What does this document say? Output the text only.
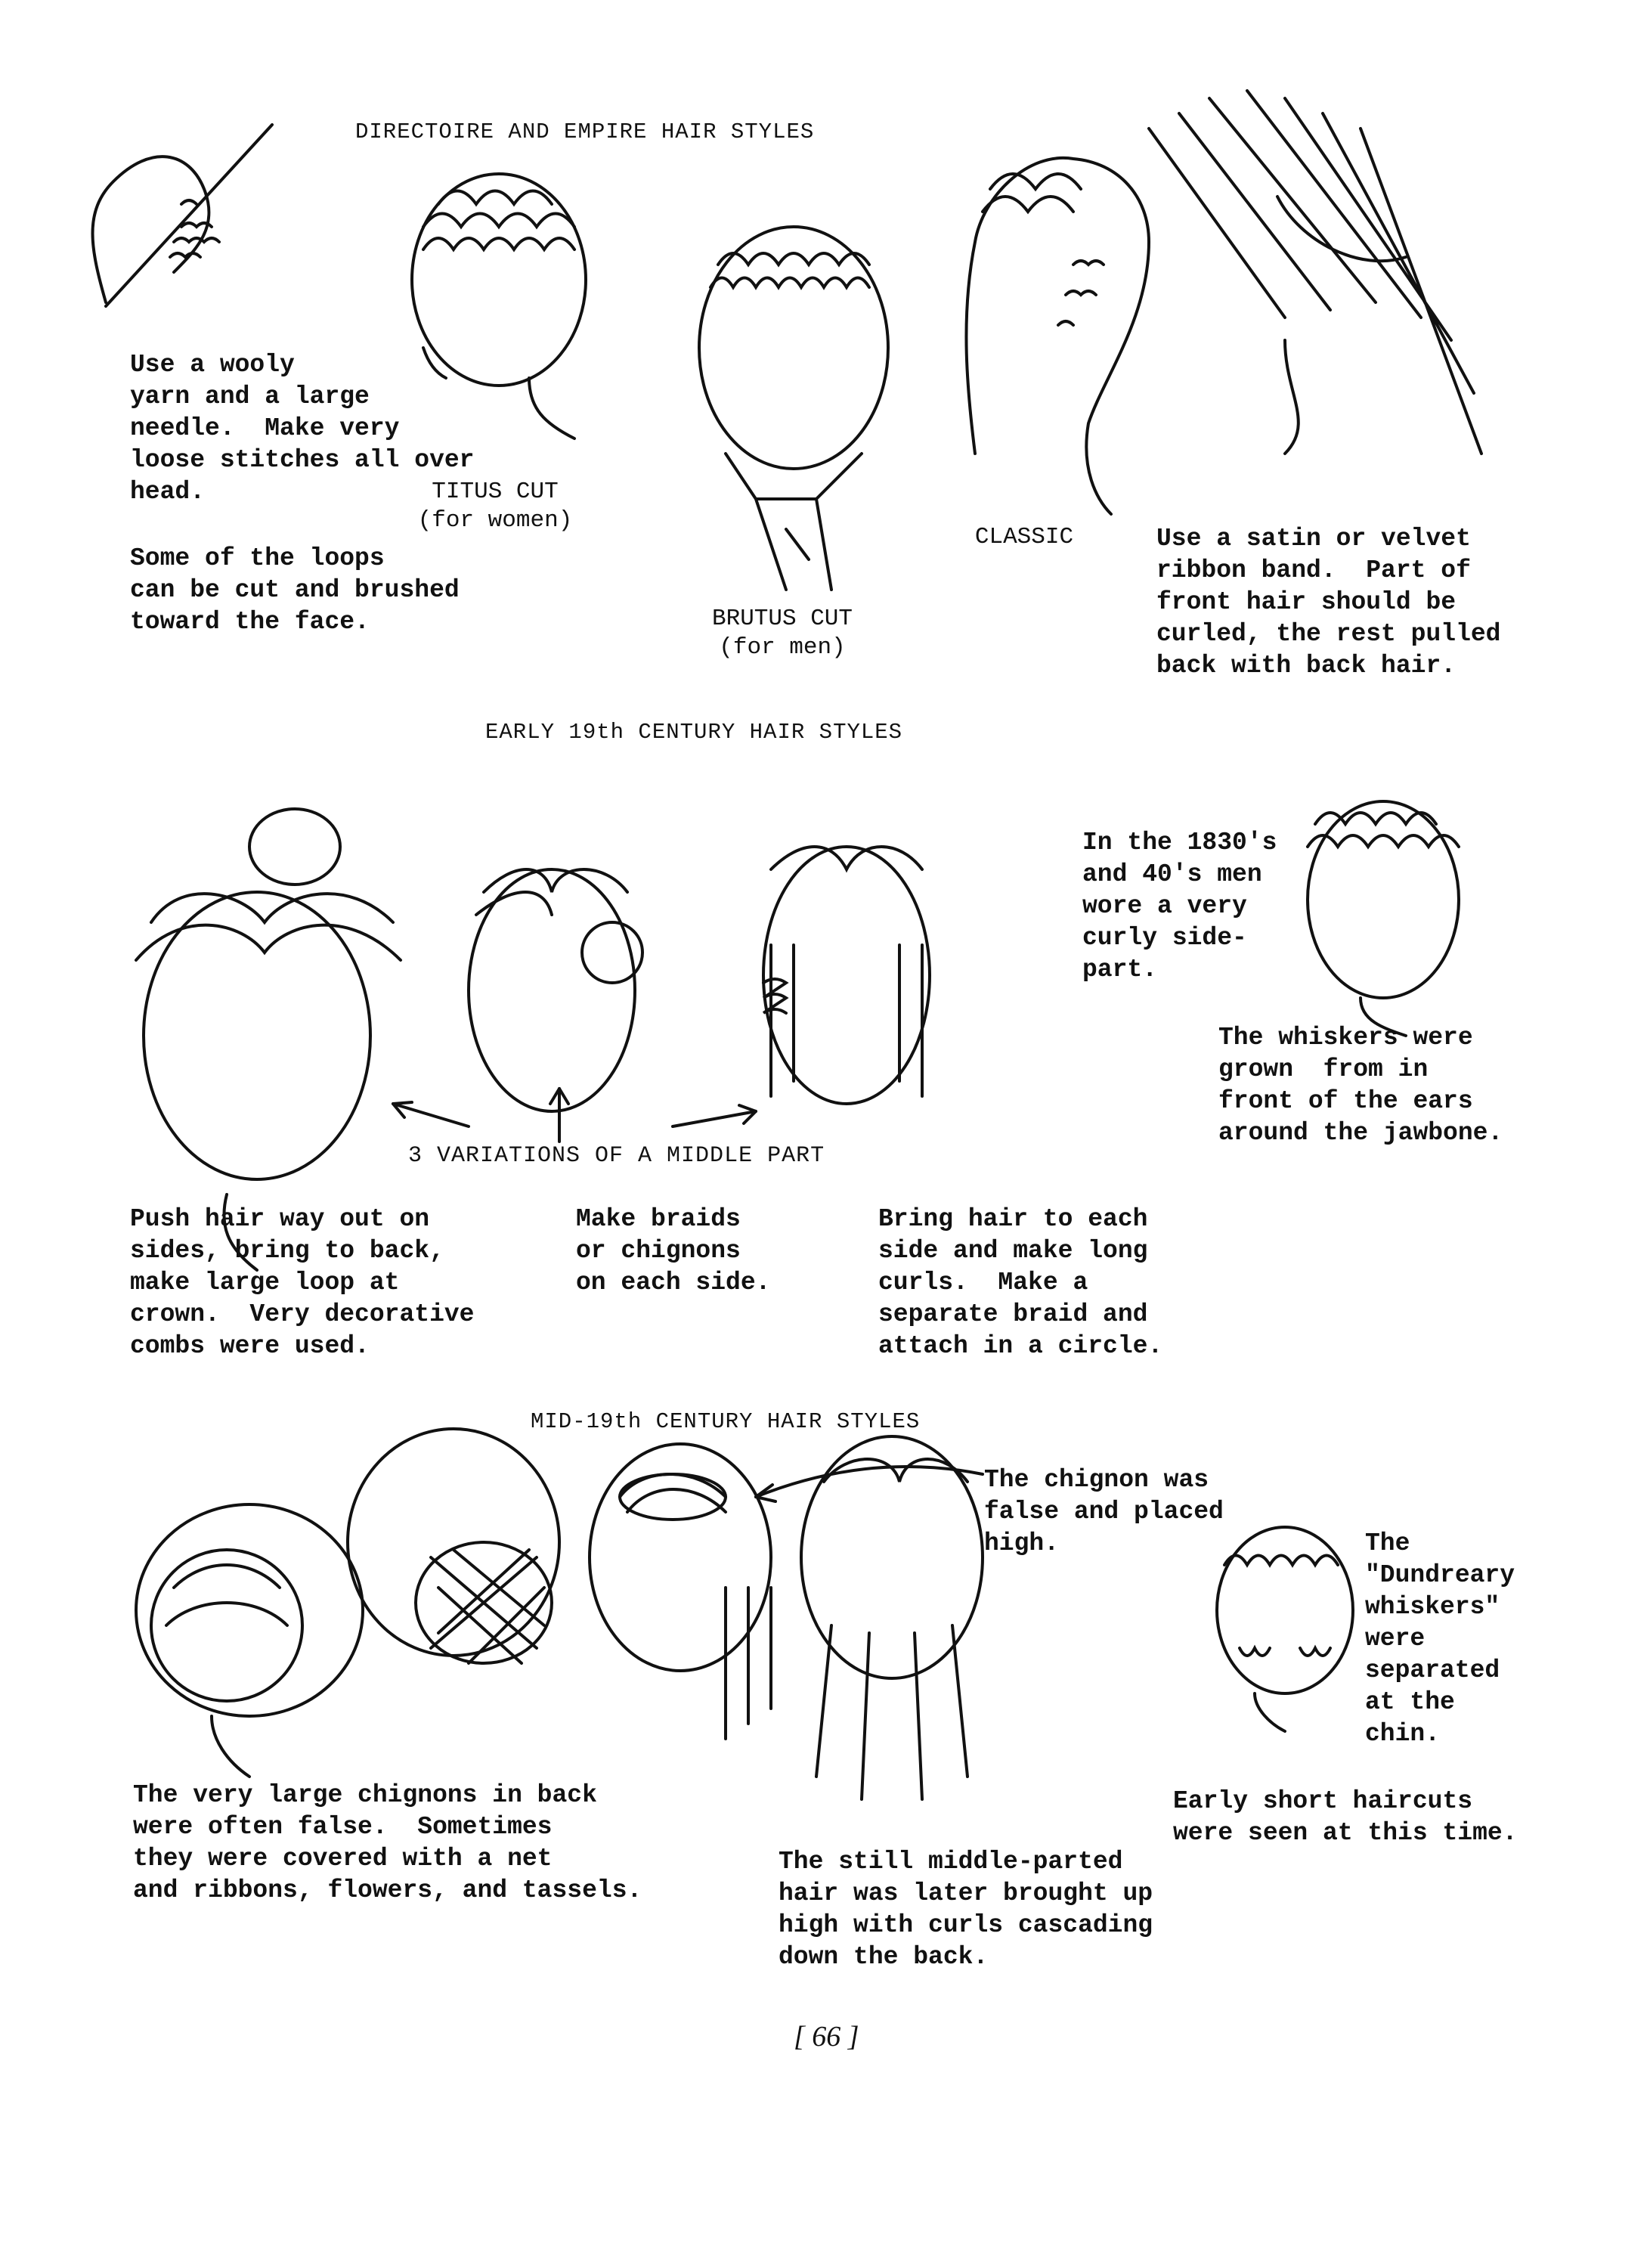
DIRECTOIRE AND EMPIRE HAIR STYLES
Use a wooly
yarn and a large
needle.  Make very
loose stitches all over
head.
Some of the loops
can be cut and brushed
toward the face.
TITUS CUT
(for women)
BRUTUS CUT
(for men)
CLASSIC	Use a satin or velvet
ribbon band.  Part of
front hair should be
curled, the rest pulled
back with back hair.
EARLY 19th CENTURY HAIR STYLES
In the 1830's
and 40's men
wore a very
curly side-
part.
The whiskers were
grown  from in
front of the ears
around the jawbone.
3 VARIATIONS OF A MIDDLE PART
Push hair way out on
sides, bring to back,
make large loop at
crown.  Very decorative
combs were used.
Make braids
or chignons
on each side.
Bring hair to each
side and make long
curls.  Make a
separate braid and
attach in a circle.
MID-19th CENTURY HAIR STYLES
The chignon was
false and placed
high.	The
"Dundreary
whiskers"
were
separated
at the
chin.
The very large chignons in back
were often false.  Sometimes
they were covered with a net
and ribbons, flowers, and tassels.
Early short haircuts
were seen at this time.
The still middle-parted
hair was later brought up
high with curls cascading
down the back.
[ 66 ]
